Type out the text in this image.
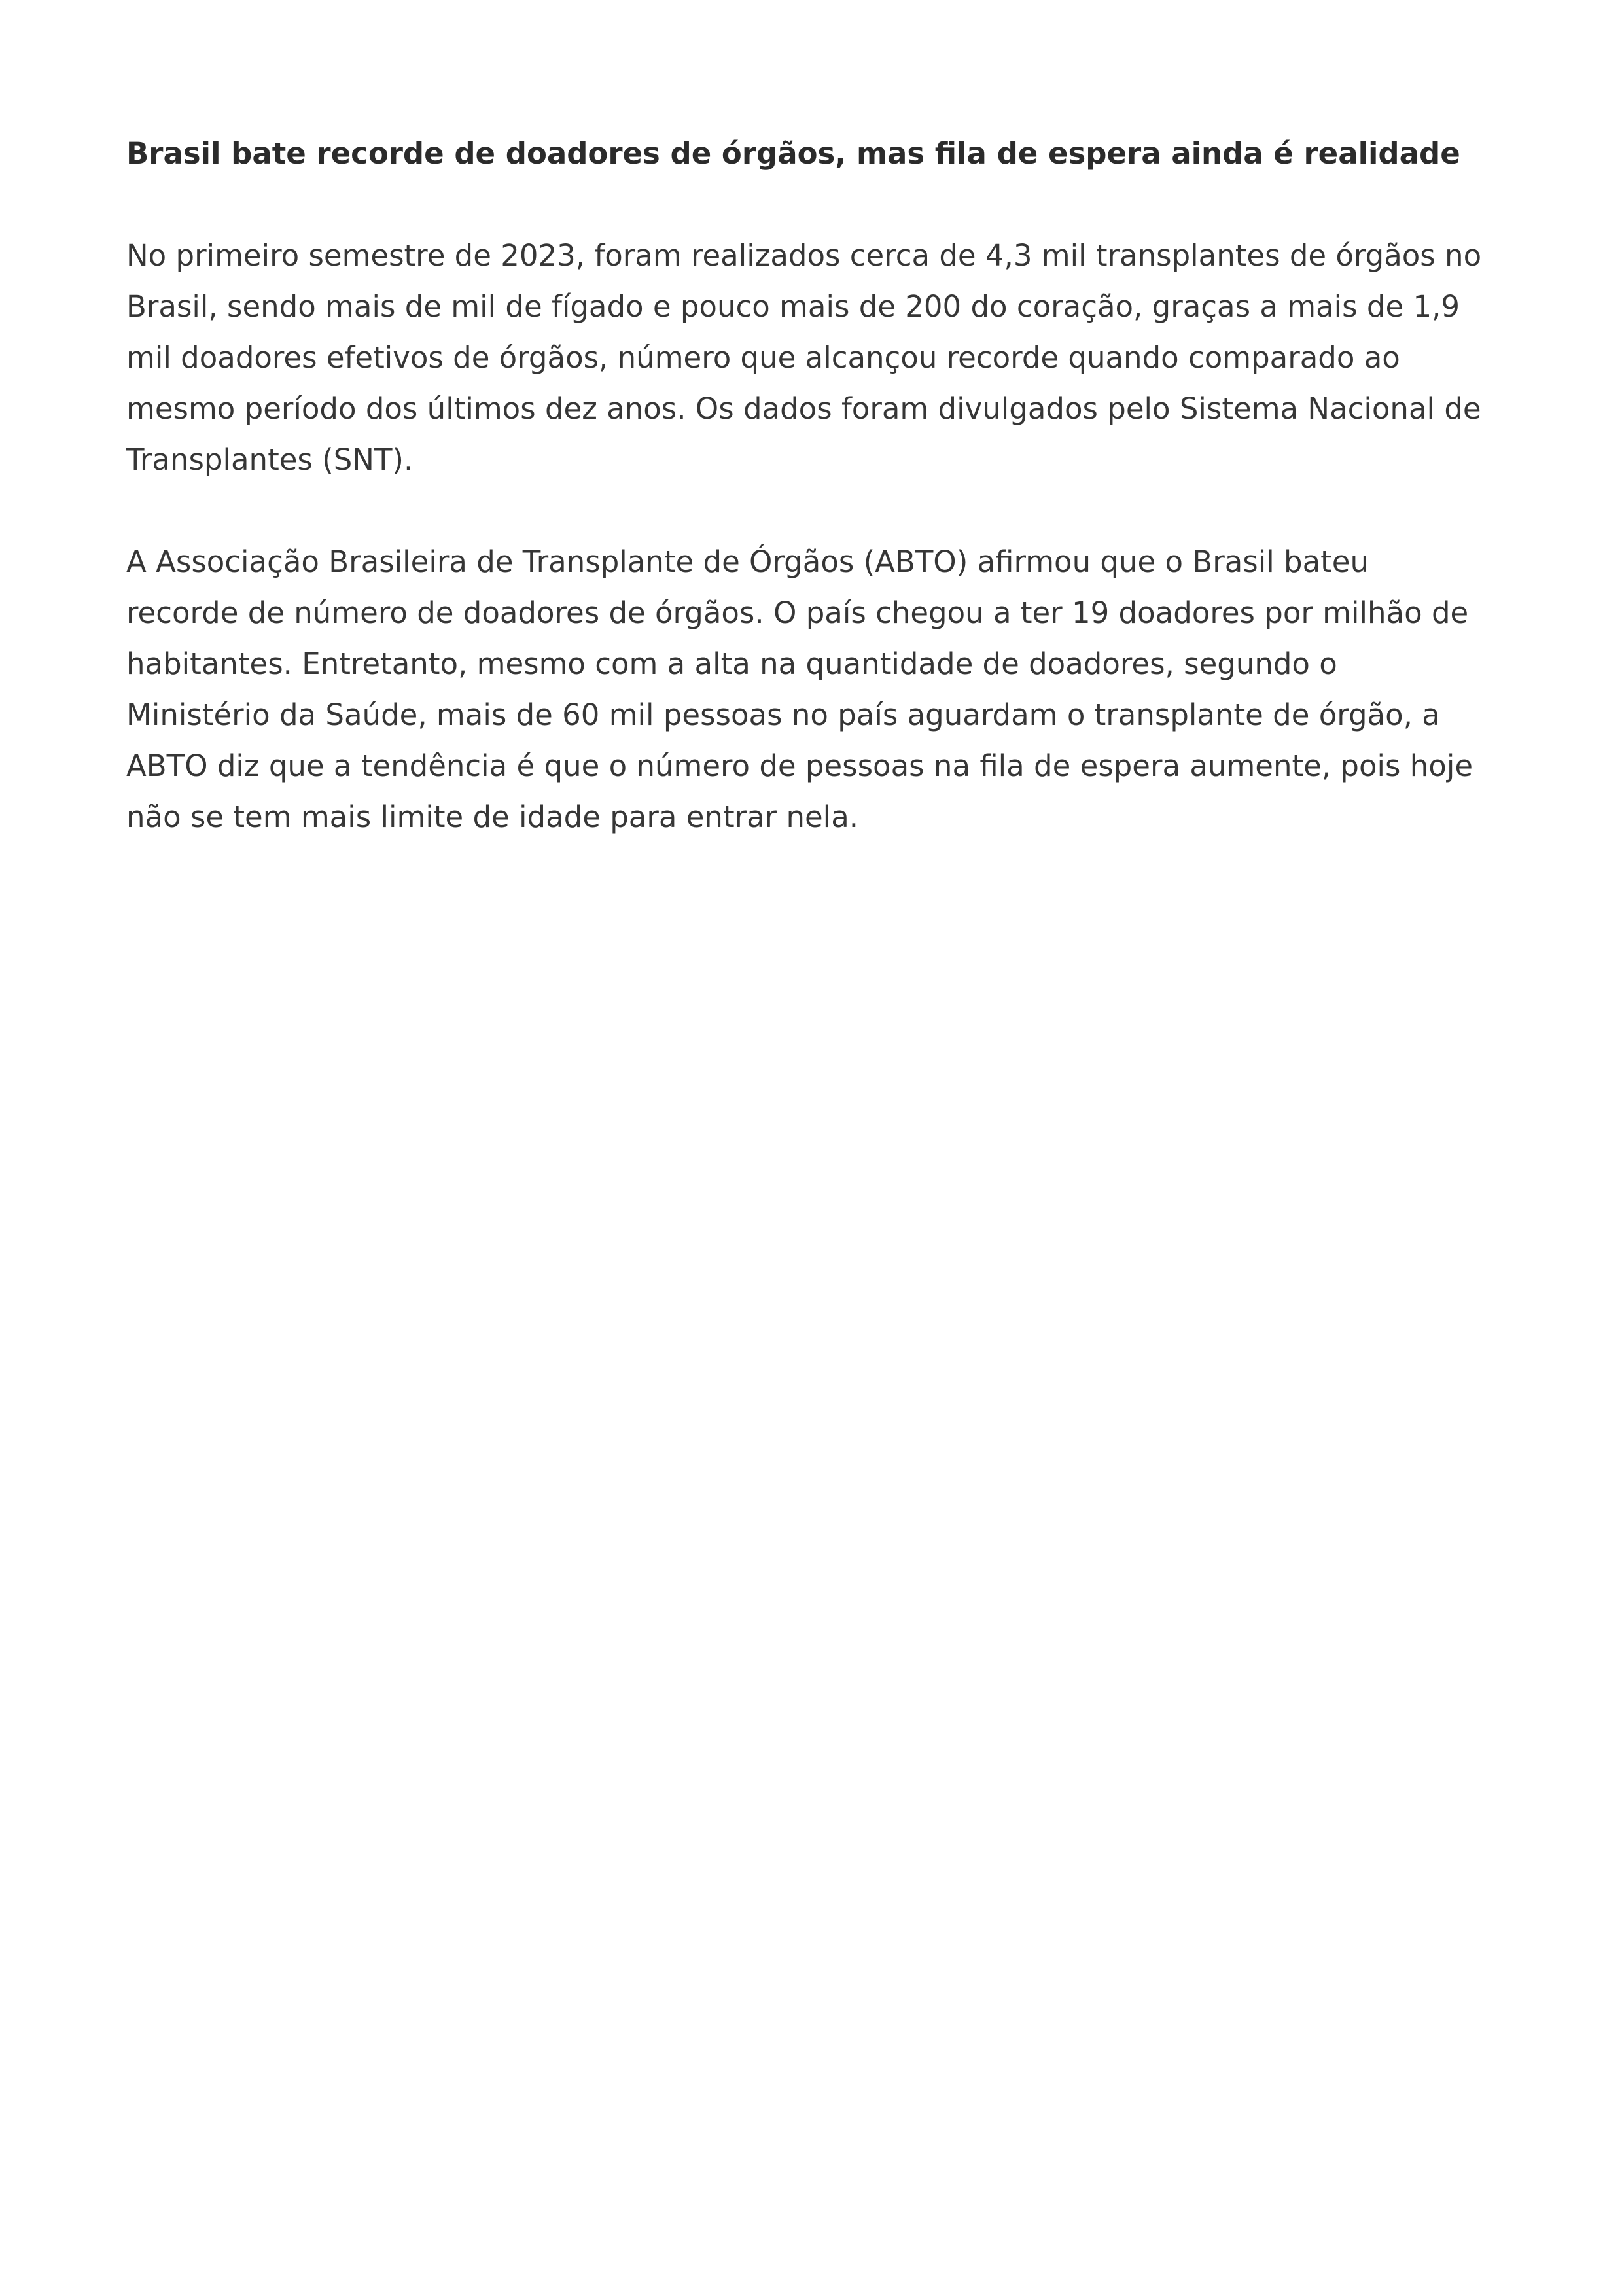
Brasil bate recorde de doadores de órgãos, mas fila de espera ainda é realidade

No primeiro semestre de 2023, foram realizados cerca de 4,3 mil transplantes de órgãos no
Brasil, sendo mais de mil de fígado e pouco mais de 200 do coração, graças a mais de 1,9
mil doadores efetivos de órgãos, número que alcançou recorde quando comparado ao
mesmo período dos últimos dez anos. Os dados foram divulgados pelo Sistema Nacional de
Transplantes (SNT).

A Associação Brasileira de Transplante de Órgãos (ABTO) afirmou que o Brasil bateu
recorde de número de doadores de órgãos. O país chegou a ter 19 doadores por milhão de
habitantes. Entretanto, mesmo com a alta na quantidade de doadores, segundo o
Ministério da Saúde, mais de 60 mil pessoas no país aguardam o transplante de órgão, a
ABTO diz que a tendência é que o número de pessoas na fila de espera aumente, pois hoje
não se tem mais limite de idade para entrar nela.
